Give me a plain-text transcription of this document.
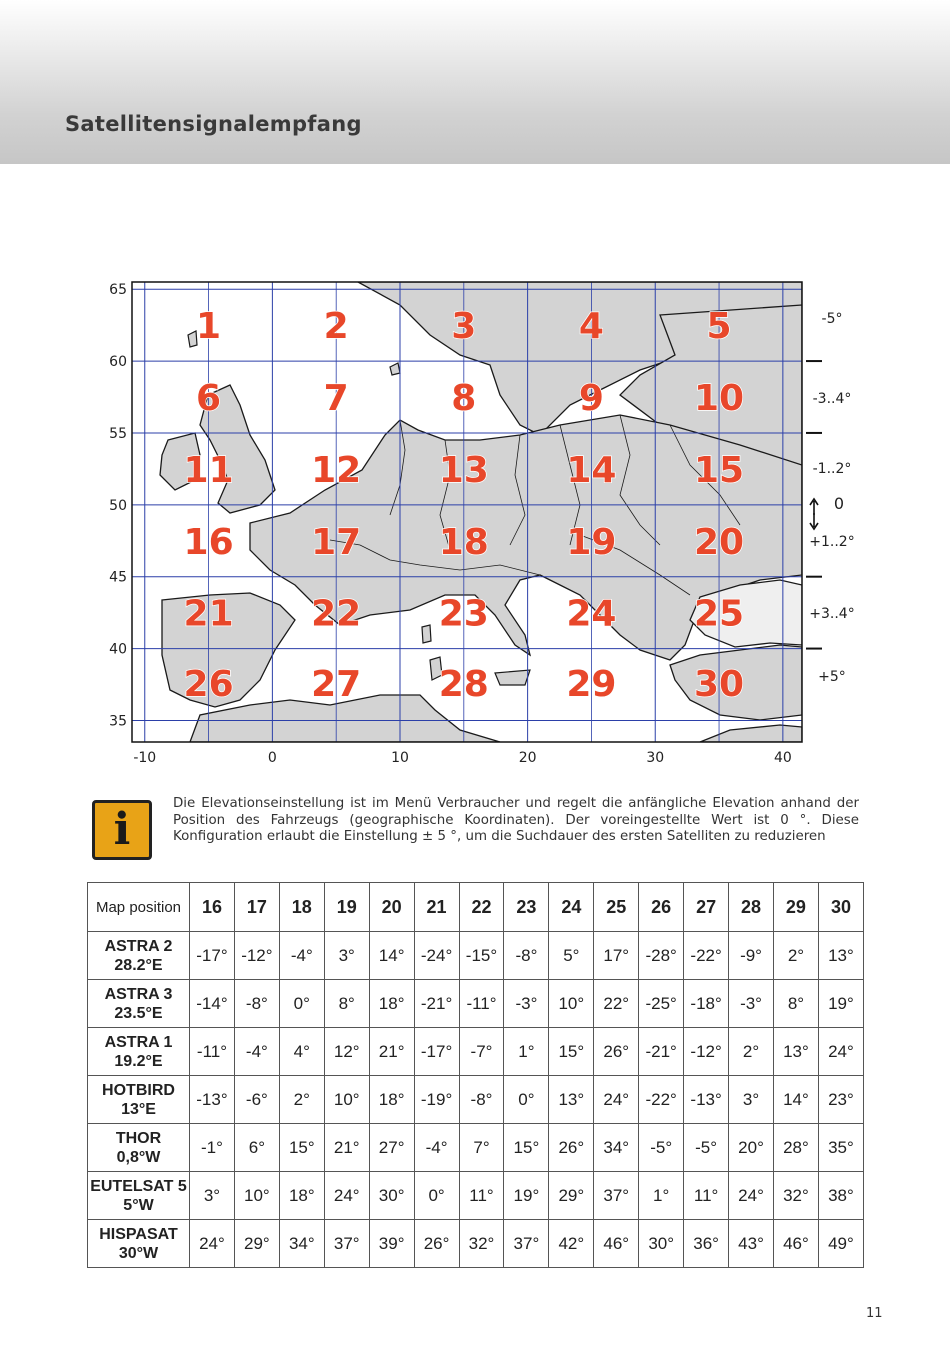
Satellitensignalempfang
1	2	3	4	5
6	7	8	9	10
11 12 13 14 15
16 17 18 19 20
21 22 23 24 25
26 27 28 29 30
65
60
55
50
45
40
35
-10	0	10	20	30	40
-5°
-3..4°
-1..2°
0
+1..2°
+3..4°
+5°
i
Die Elevationseinstellung ist im Menü Verbraucher und regelt die anfängliche Elevation anhand der Position des Fahrzeugs (geographische Koordinaten). Der voreingestellte Wert ist 0 °. Diese Konfiguration erlaubt die Einstellung ± 5 °, um die Suchdauer des ersten Satelliten zu reduzieren
Map position	16	17	18	19	20	21	22	23	24	25	26	27	28	29	30

ASTRA 2
28.2°E	-17°	-12°	-4°	3°	14°	-24°	-15°	-8°	5°	17°	-28°	-22°	-9°	2°	13°

ASTRA 3
23.5°E	-14°	-8°	0°	8°	18°	-21°	-11°	-3°	10°	22°	-25°	-18°	-3°	8°	19°

ASTRA 1
19.2°E	-11°	-4°	4°	12°	21°	-17°	-7°	1°	15°	26°	-21°	-12°	2°	13°	24°

HOTBIRD
13°E	-13°	-6°	2°	10°	18°	-19°	-8°	0°	13°	24°	-22°	-13°	3°	14°	23°

THOR
0,8°W	-1°	6°	15°	21°	27°	-4°	7°	15°	26°	34°	-5°	-5°	20°	28°	35°

EUTELSAT 5
5°W	3°	10°	18°	24°	30°	0°	11°	19°	29°	37°	1°	11°	24°	32°	38°

HISPASAT
30°W	24°	29°	34°	37°	39°	26°	32°	37°	42°	46°	30°	36°	43°	46°	49°
11
